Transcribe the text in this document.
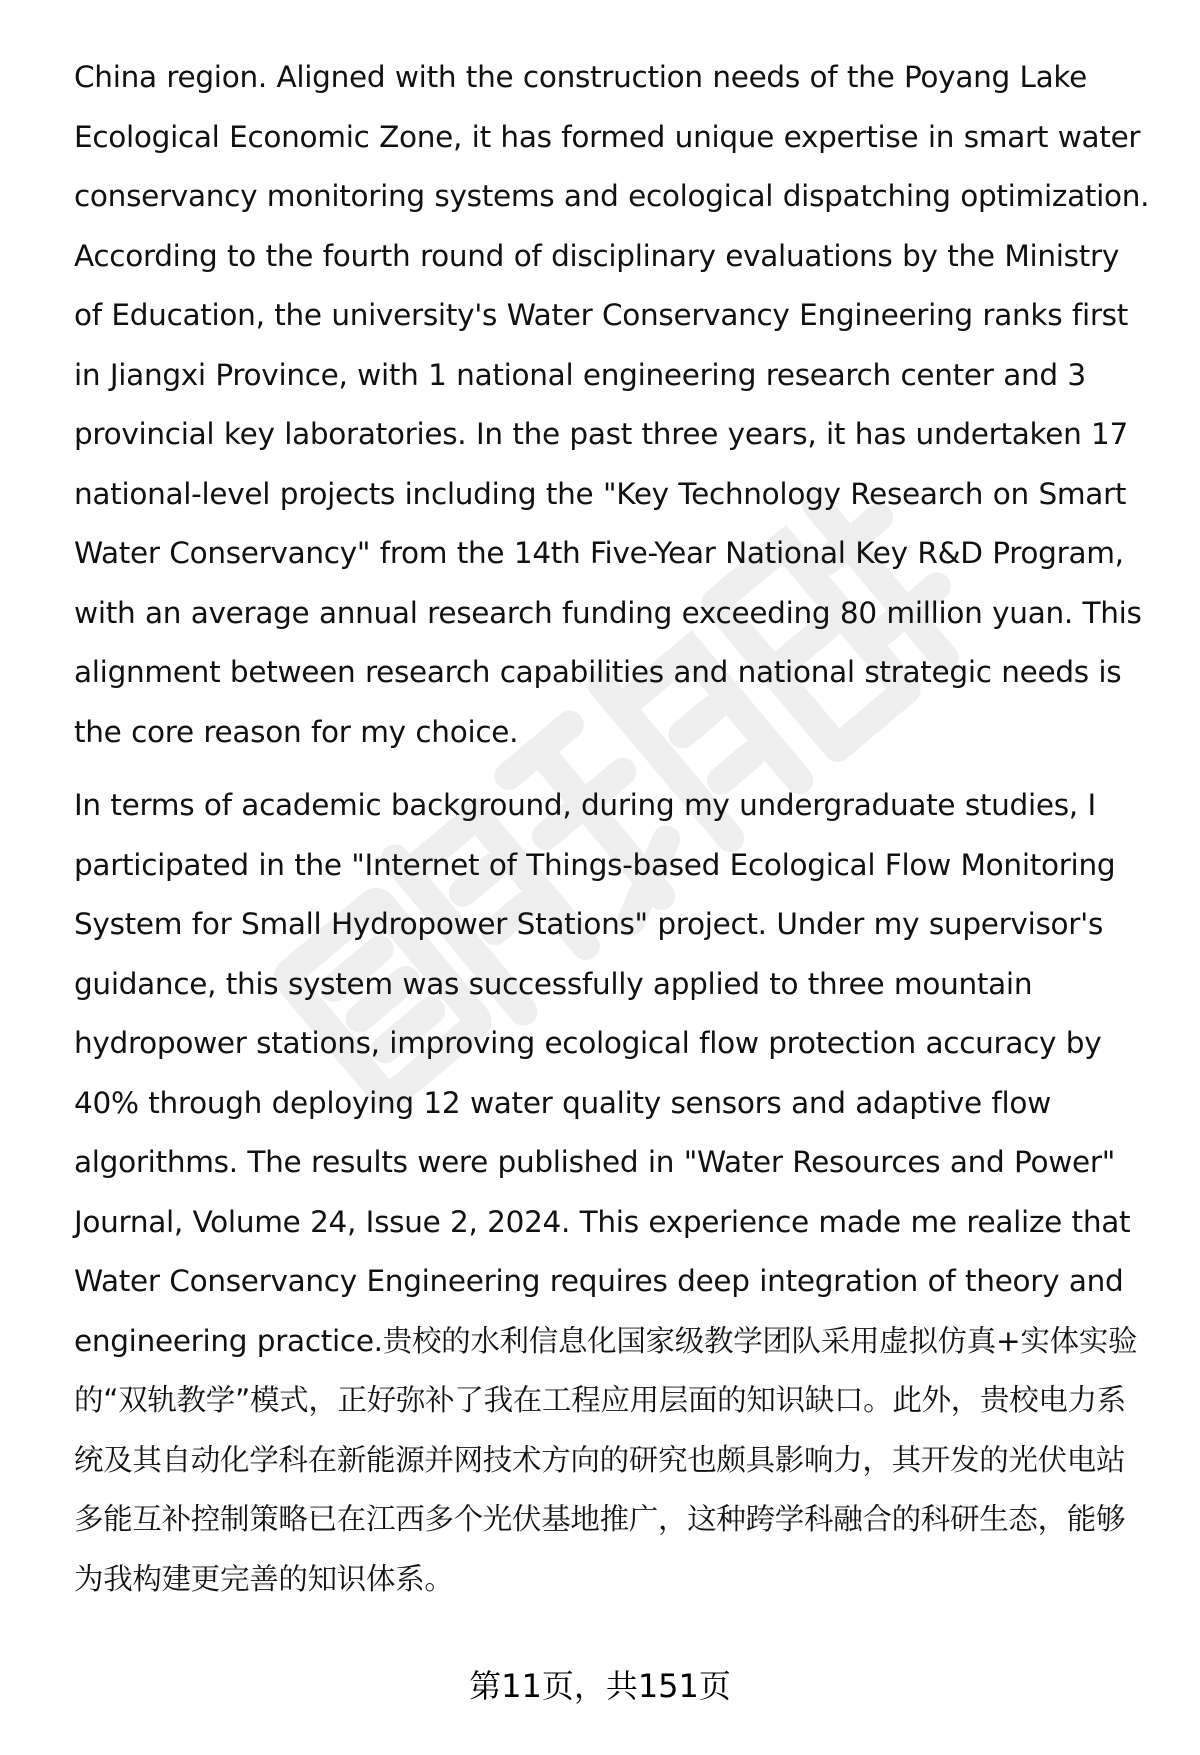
China region. Aligned with the construction needs of the Poyang Lake Ecological Economic Zone, it has formed unique expertise in smart water conservancy monitoring systems and ecological dispatching optimization. According to the fourth round of disciplinary evaluations by the Ministry of Education, the university's Water Conservancy Engineering ranks first in Jiangxi Province, with 1 national engineering research center and 3 provincial key laboratories. In the past three years, it has undertaken 17 national-level projects including the "Key Technology Research on Smart Water Conservancy" from the 14th Five-Year National Key R&D Program, with an average annual research funding exceeding 80 million yuan. This alignment between research capabilities and national strategic needs is the core reason for my choice.

In terms of academic background, during my undergraduate studies, I participated in the "Internet of Things-based Ecological Flow Monitoring System for Small Hydropower Stations" project. Under my supervisor's guidance, this system was successfully applied to three mountain hydropower stations, improving ecological flow protection accuracy by 40% through deploying 12 water quality sensors and adaptive flow algorithms. The results were published in "Water Resources and Power" Journal, Volume 24, Issue 2, 2024. This experience made me realize that Water Conservancy Engineering requires deep integration of theory and engineering practice.贵校的水利信息化国家级教学团队采用虚拟仿真+实体实验的“双轨教学”模式，正好弥补了我在工程应用层面的知识缺口。此外，贵校电力系统及其自动化学科在新能源并网技术方向的研究也颇具影响力，其开发的光伏电站多能互补控制策略已在江西多个光伏基地推广，这种跨学科融合的科研生态，能够为我构建更完善的知识体系。

第11页，共151页
